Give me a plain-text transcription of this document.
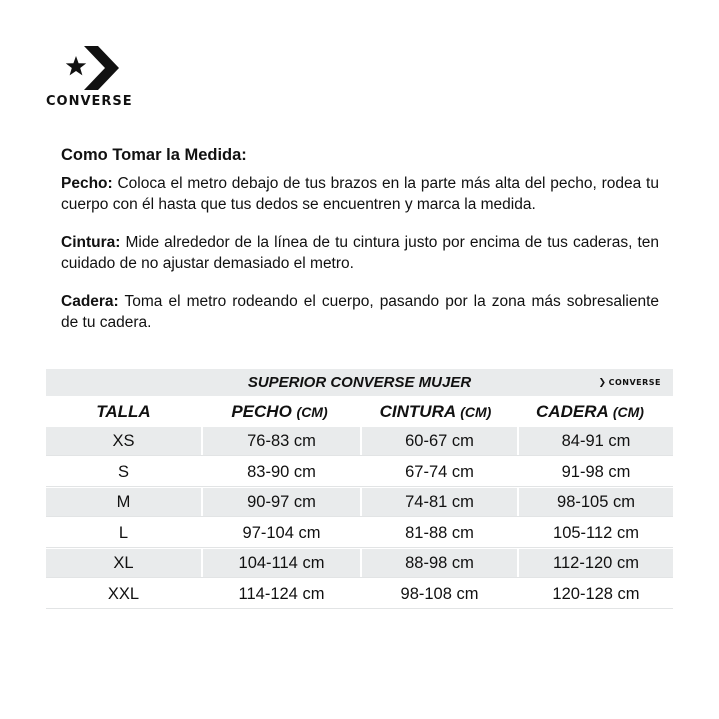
CONVERSE
Como Tomar la Medida:

Pecho: Coloca el metro debajo de tus brazos en la parte más alta del pecho, rodea tu cuerpo con él hasta que tus dedos se encuentren y marca la medida.

Cintura: Mide alrededor de la línea de tu cintura justo por encima de tus caderas, ten cuidado de no ajustar demasiado el metro.

Cadera: Toma el metro rodeando el cuerpo, pasando por la zona más sobresaliente de tu cadera.

SUPERIOR CONVERSE MUJER	❯ CONVERSE
TALLA	PECHO (CM)	CINTURA (CM)	CADERA (CM)
XS	76-83 cm	60-67 cm	84-91 cm
S	83-90 cm	67-74 cm	91-98 cm
M	90-97 cm	74-81 cm	98-105 cm
L	97-104 cm	81-88 cm	105-112 cm
XL	104-114 cm	88-98 cm	112-120 cm
XXL	114-124 cm	98-108 cm	120-128 cm
